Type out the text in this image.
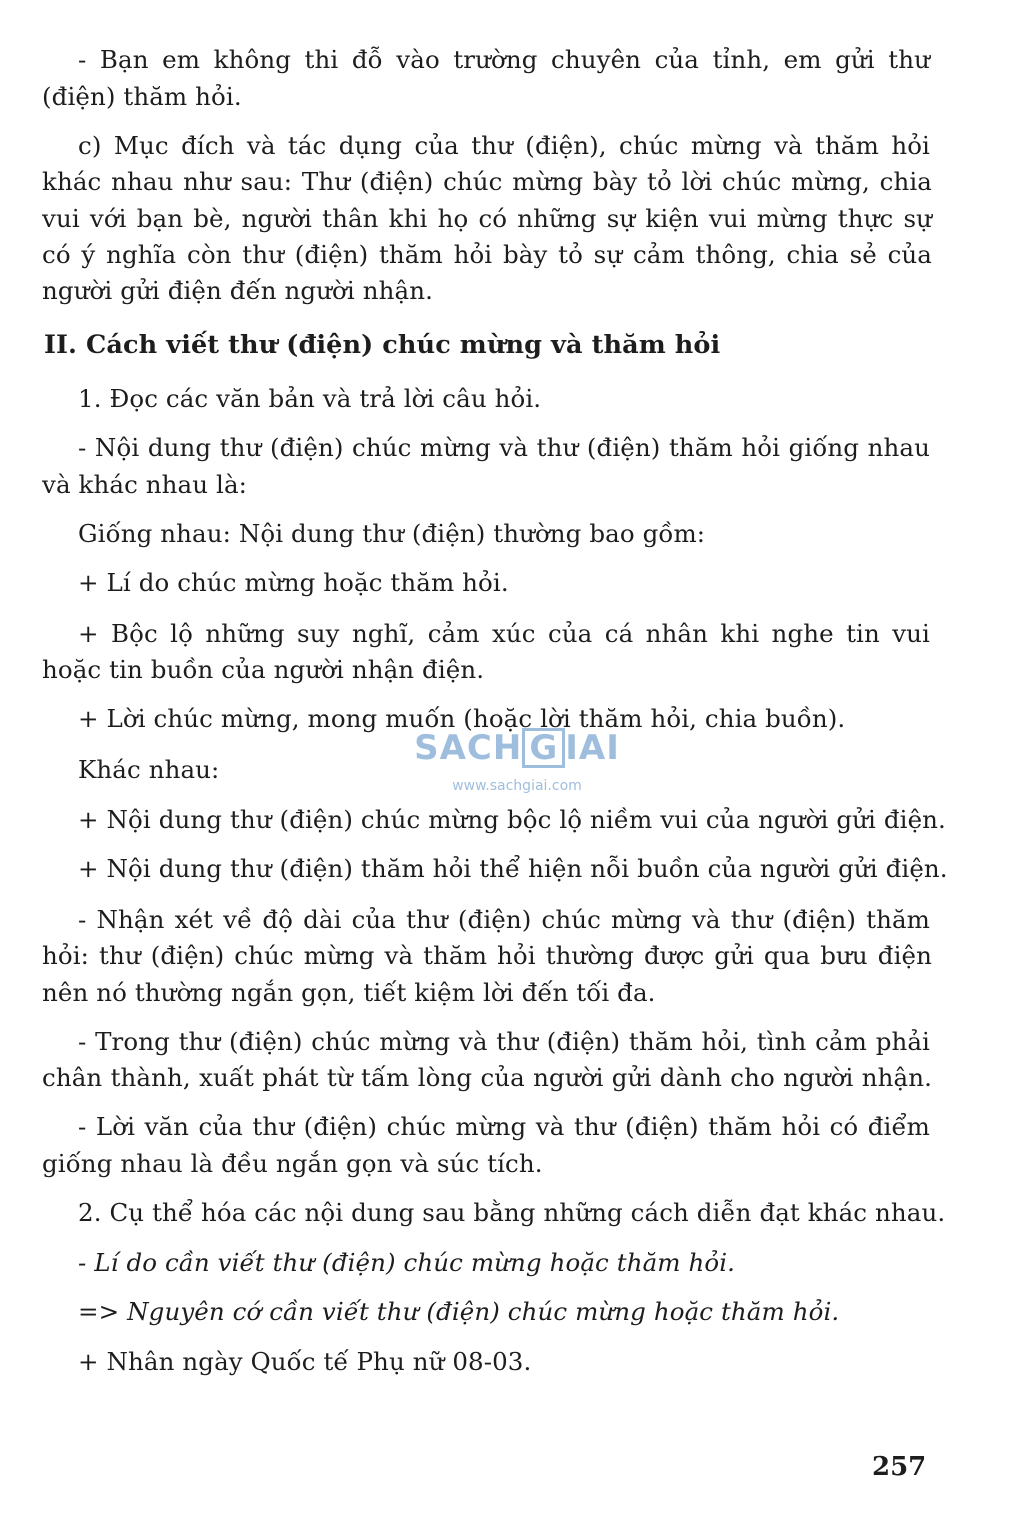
- Bạn em không thi đỗ vào trường chuyên của tỉnh, em gửi thư

(điện) thăm hỏi.

c) Mục đích và tác dụng của thư (điện), chúc mừng và thăm hỏi

khác nhau như sau: Thư (điện) chúc mừng bày tỏ lời chúc mừng, chia

vui với bạn bè, người thân khi họ có những sự kiện vui mừng thực sự

có ý nghĩa còn thư (điện) thăm hỏi bày tỏ sự cảm thông, chia sẻ của

người gửi điện đến người nhận.

II. Cách viết thư (điện) chúc mừng và thăm hỏi

1. Đọc các văn bản và trả lời câu hỏi.

- Nội dung thư (điện) chúc mừng và thư (điện) thăm hỏi giống nhau

và khác nhau là:

Giống nhau: Nội dung thư (điện) thường bao gồm:

+ Lí do chúc mừng hoặc thăm hỏi.

+ Bộc lộ những suy nghĩ, cảm xúc của cá nhân khi nghe tin vui

hoặc tin buồn của người nhận điện.

+ Lời chúc mừng, mong muốn (hoặc lời thăm hỏi, chia buồn).

Khác nhau:

+ Nội dung thư (điện) chúc mừng bộc lộ niềm vui của người gửi điện.

+ Nội dung thư (điện) thăm hỏi thể hiện nỗi buồn của người gửi điện.

- Nhận xét về độ dài của thư (điện) chúc mừng và thư (điện) thăm

hỏi: thư (điện) chúc mừng và thăm hỏi thường được gửi qua bưu điện

nên nó thường ngắn gọn, tiết kiệm lời đến tối đa.

- Trong thư (điện) chúc mừng và thư (điện) thăm hỏi, tình cảm phải

chân thành, xuất phát từ tấm lòng của người gửi dành cho người nhận.

- Lời văn của thư (điện) chúc mừng và thư (điện) thăm hỏi có điểm

giống nhau là đều ngắn gọn và súc tích.

2. Cụ thể hóa các nội dung sau bằng những cách diễn đạt khác nhau.

- Lí do cần viết thư (điện) chúc mừng hoặc thăm hỏi.

=> Nguyên cớ cần viết thư (điện) chúc mừng hoặc thăm hỏi.

+ Nhân ngày Quốc tế Phụ nữ 08-03.

SACH G IAI
www.sachgiai.com
257
